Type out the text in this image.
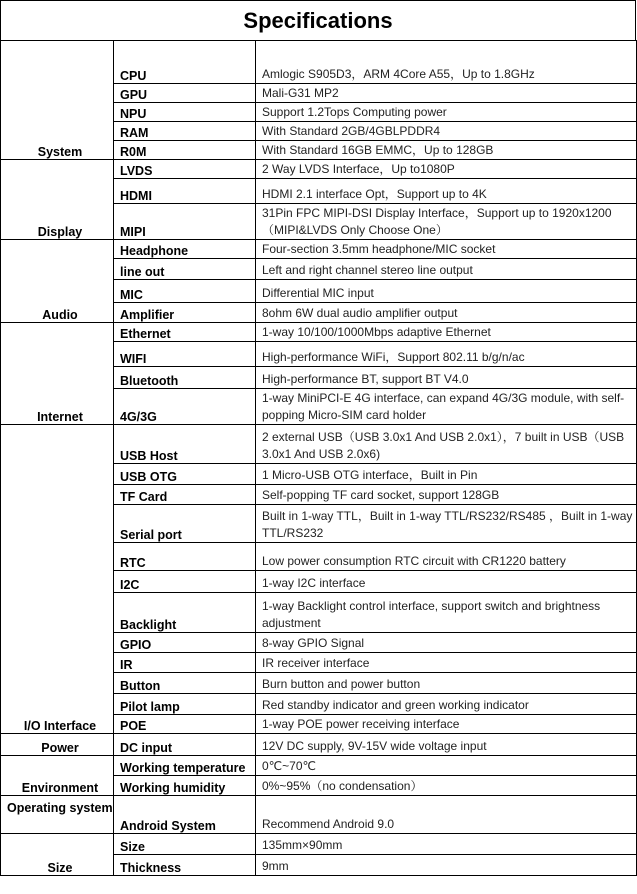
Specifications
System	CPU	Amlogic S905D3，ARM 4Core A55，Up to 1.8GHz
	GPU	Mali-G31 MP2
	NPU	Support 1.2Tops Computing power
	RAM	With Standard 2GB/4GBLPDDR4
	R0M	With Standard 16GB EMMC，Up to 128GB
Display	LVDS	2 Way LVDS Interface，Up to1080P
	HDMI	HDMI 2.1 interface Opt，Support up to 4K
	MIPI	31Pin FPC MIPI-DSI Display Interface，Support up to 1920x1200（MIPI&LVDS Only Choose One）
Audio	Headphone	Four-section 3.5mm headphone/MIC socket
	line out	Left and right channel stereo line output
	MIC	Differential MIC input
	Amplifier	8ohm 6W dual audio amplifier output
Internet	Ethernet	1-way 10/100/1000Mbps adaptive Ethernet
	WIFI	High-performance WiFi，Support 802.11 b/g/n/ac
	Bluetooth	High-performance BT, support BT V4.0
	4G/3G	1-way MiniPCI-E 4G interface, can expand 4G/3G module, with self-popping Micro-SIM card holder
I/O Interface	USB Host	2 external USB（USB 3.0x1 And USB 2.0x1），7 built in USB（USB 3.0x1 And USB 2.0x6)
	USB OTG	1 Micro-USB OTG interface，Built in Pin
	TF Card	Self-popping TF card socket, support 128GB
	Serial port	Built in 1-way TTL，Built in 1-way TTL/RS232/RS485 ，Built in 1-way TTL/RS232
	RTC	Low power consumption RTC circuit with CR1220 battery
	I2C	1-way I2C interface
	Backlight	1-way Backlight control interface, support switch and brightness adjustment
	GPIO	8-way GPIO Signal
	IR	IR receiver interface
	Button	Burn button and power button
	Pilot lamp	Red standby indicator and green working indicator
	POE	1-way POE power receiving interface
Power	DC input	12V DC supply, 9V-15V wide voltage input
Environment	Working temperature	0℃~70℃
	Working humidity	0%~95%（no condensation）
Operating system	Android System	Recommend Android 9.0
Size	Size	135mm×90mm
	Thickness	9mm
